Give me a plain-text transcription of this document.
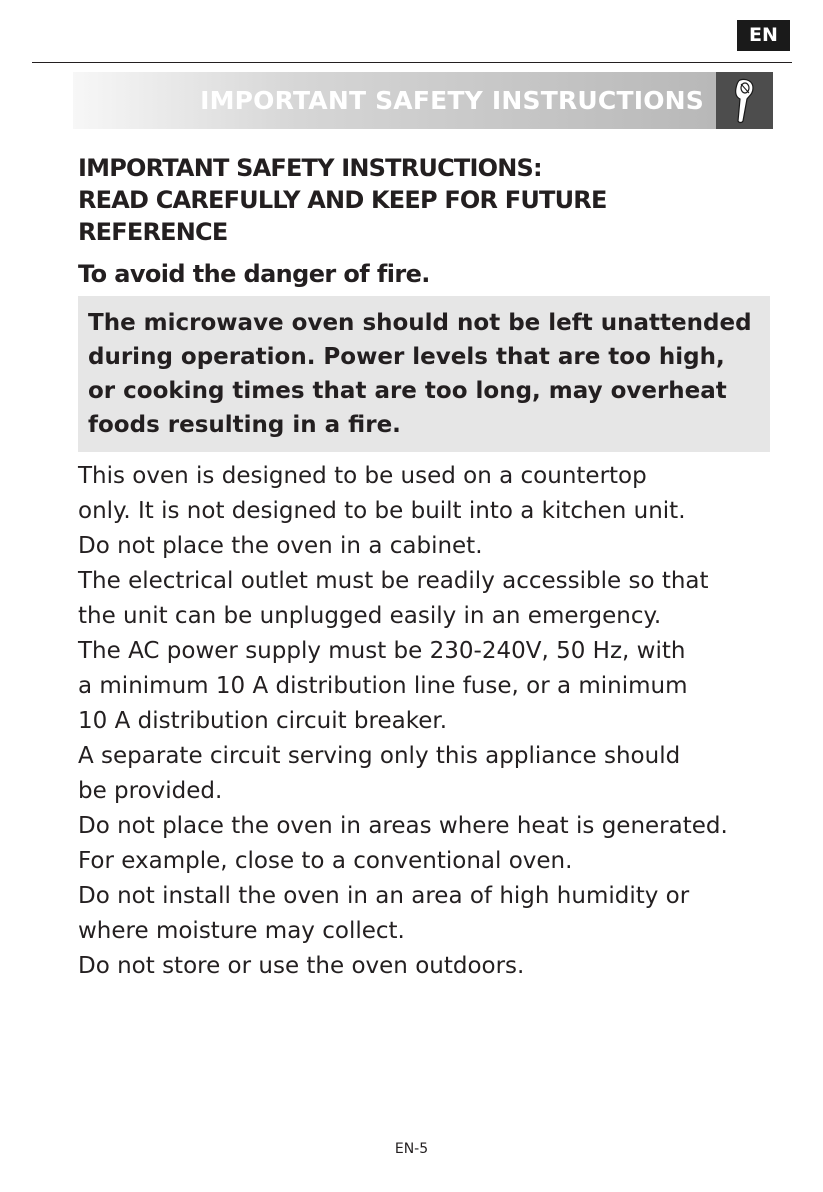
EN
IMPORTANT SAFETY INSTRUCTIONS
IMPORTANT SAFETY INSTRUCTIONS:
READ CAREFULLY AND KEEP FOR FUTURE
REFERENCE
To avoid the danger of fire.
The microwave oven should not be left unattended
during operation. Power levels that are too high,
or cooking times that are too long, may overheat
foods resulting in a fire.
This oven is designed to be used on a countertop
only. It is not designed to be built into a kitchen unit.
Do not place the oven in a cabinet.
The electrical outlet must be readily accessible so that
the unit can be unplugged easily in an emergency.
The AC power supply must be 230-240V, 50 Hz, with
a minimum 10 A distribution line fuse, or a minimum
10 A distribution circuit breaker.
A separate circuit serving only this appliance should
be provided.
Do not place the oven in areas where heat is generated.
For example, close to a conventional oven.
Do not install the oven in an area of high humidity or
where moisture may collect.
Do not store or use the oven outdoors.
EN-5
